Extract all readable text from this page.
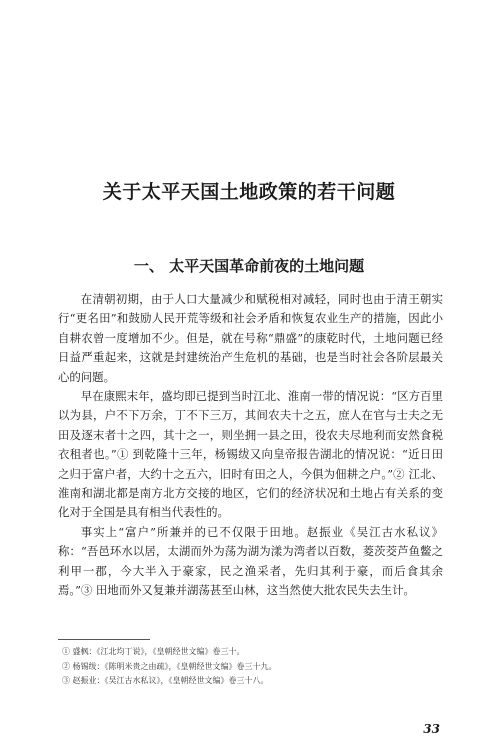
关于太平天国土地政策的若干问题
一、 太平天国革命前夜的土地问题

在清朝初期，由于人口大量减少和赋税相对减轻，同时也由于清王朝实行“更名田”和鼓励人民开荒等级和社会矛盾和恢复农业生产的措施，因此小自耕农曾一度增加不少。但是，就在号称“鼎盛”的康乾时代，土地问题已经日益严重起来，这就是封建统治产生危机的基础，也是当时社会各阶层最关心的问题。

早在康熙末年，盛均即已提到当时江北、淮南一带的情况说：“区方百里以为县，户不下万余，丁不下三万，其间农夫十之五，庶人在官与士夫之无田及逐末者十之四，其十之一，则坐拥一县之田，役农夫尽地利而安然食税衣租者也。”① 到乾隆十三年，杨锡绂又向皇帝报告湖北的情况说：“近日田之归于富户者，大约十之五六，旧时有田之人，今俱为佃耕之户。”② 江北、淮南和湖北都是南方北方交接的地区，它们的经济状况和土地占有关系的变化对于全国是具有相当代表性的。

事实上“富户”所兼并的已不仅限于田地。赵振业《吴江古水私议》称：“吾邑环水以居，太湖而外为荡为湖为漾为湾者以百数，菱茨茭芦鱼鳖之利甲一郡，今大半入于豪家，民之渔采者，先归其利于豪，而后食其余焉。”③ 田地而外又复兼并湖荡甚至山林，这当然使大批农民失去生计。

① 盛枫：《江北均丁说》，《皇朝经世文编》卷三十。
② 杨锡绂：《陈明米贵之由疏》，《皇朝经世文编》卷三十九。
③ 赵振业：《吴江古水私议》，《皇朝经世文编》卷三十八。
33
